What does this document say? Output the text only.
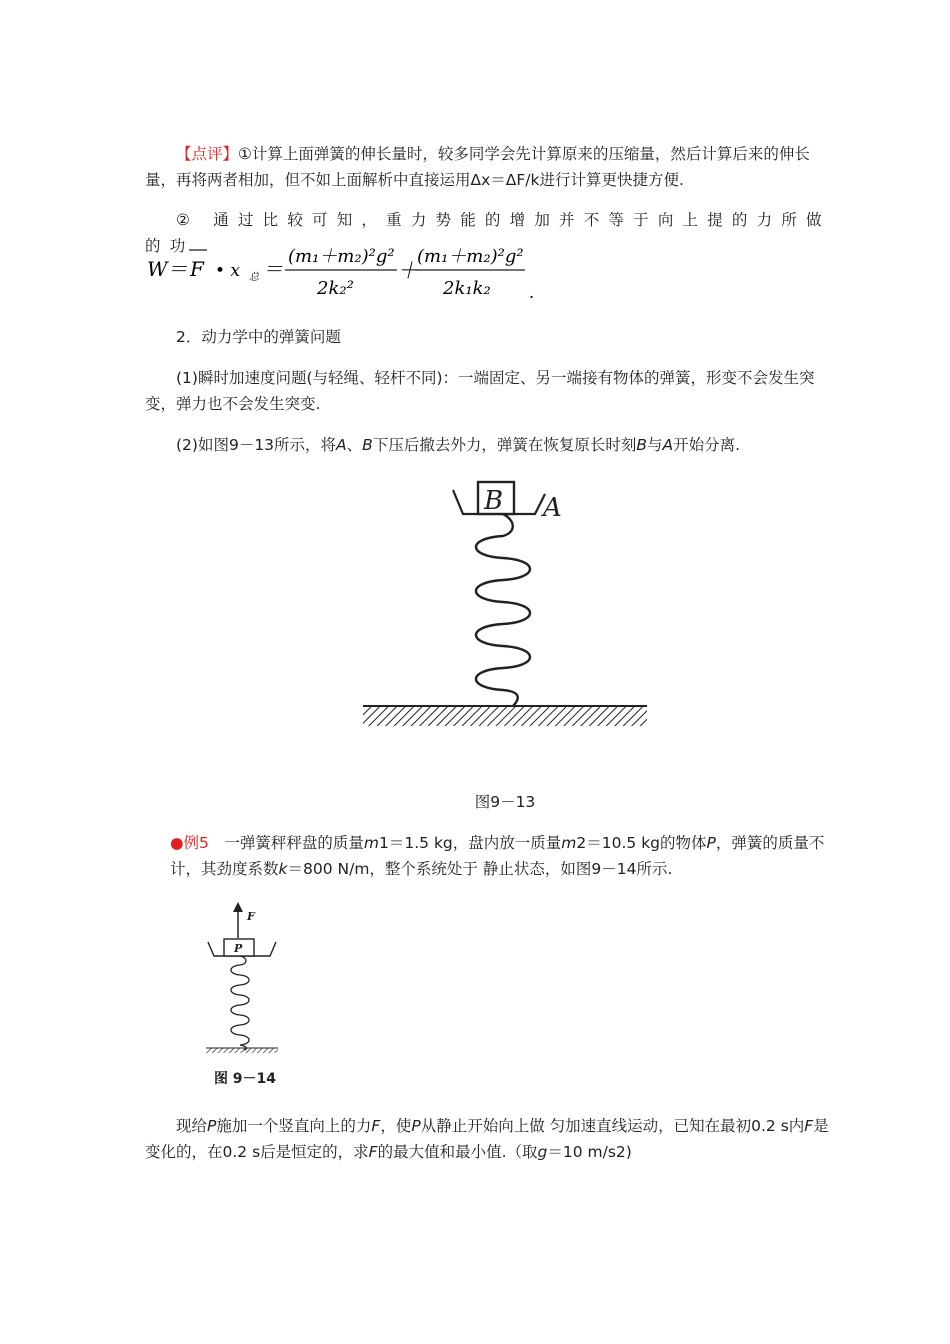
【点评】①计算上面弹簧的伸长量时，较多同学会先计算原来的压缩量，然后计算后来的伸长量，再将两者相加，但不如上面解析中直接运用Δx＝ΔF/k进行计算更快捷方便.
② 通过比较可知，重力势能的增加并不等于向上提的力所做的功
W＝ F • x 总 ＝
(m₁＋m₂)²g²
2k₂²
＋
(m₁＋m₂)²g²
2k₁k₂ .
2．动力学中的弹簧问题
(1)瞬时加速度问题(与轻绳、轻杆不同)：一端固定、另一端接有物体的弹簧，形变不会发生突变，弹力也不会发生突变.
(2)如图9－13所示，将A、B下压后撤去外力，弹簧在恢复原长时刻B与A开始分离.
B A
图9－13
●例5　一弹簧秤秤盘的质量m1＝1.5 kg，盘内放一质量m2＝10.5 kg的物体P，弹簧的质量不计，其劲度系数k＝800 N/m，整个系统处于 静止状态，如图9－14所示.
F
P
图 9－14
现给P施加一个竖直向上的力F，使P从静止开始向上做 匀加速直线运动，已知在最初0.2 s内F是变化的，在0.2 s后是恒定的，求F的最大值和最小值.（取g＝10 m/s2)
